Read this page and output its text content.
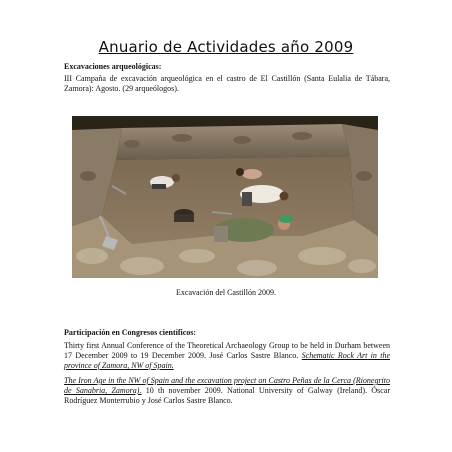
Anuario de Actividades año 2009
Excavaciones arqueológicas:
III Campaña de excavación arqueológica en el castro de El Castillón (Santa Eulalia de Tábara, Zamora): Agosto. (29 arqueólogos).
Excavación del Castillón 2009.
Participación en Congresos científicos:
Thirty first Annual Conference of the Theoretical Archaeology Group to be held in Durham between 17 December 2009 to 19 December 2009. José Carlos Sastre Blanco. Schematic Rock Art in the province of Zamora, NW of Spain.
The Iron Age in the NW of Spain and the excavation project on Castro Peñas de la Cerca (Rionegrito de Sanabria, Zamora). 10 th november 2009. National University of Galway (Ireland). Óscar Rodríguez Monterrubio y José Carlos Sastre Blanco.
